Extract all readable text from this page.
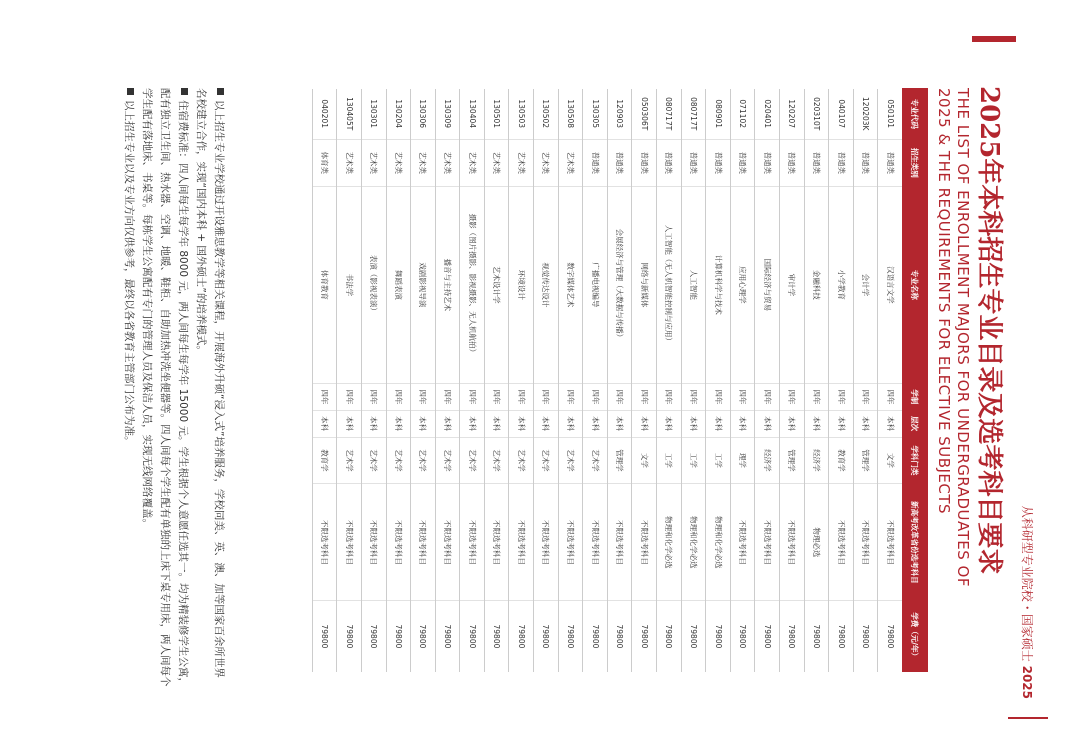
从科研型专业院校・国家硕士 2025
2025年本科招生专业目录及选考科目要求
THE LIST OF ENROLLMENT MAJORS FOR UNDERGRADUATES OF
2025 & THE REQUIREMENTS FOR ELECTIVE SUBJECTS
专业代码	招生类别	专业名称	学制	层次	学科门类	新高考改革省份选考科目	学费（元/年）
050101	普通类	汉语言文学	四年	本科	文学	不限选考科目	79800
120203K	普通类	会计学	四年	本科	管理学	不限选考科目	79800
040107	普通类	小学教育	四年	本科	教育学	不限选考科目	79800
020310T	普通类	金融科技	四年	本科	经济学	物理必选	79800
120207	普通类	审计学	四年	本科	管理学	不限选考科目	79800
020401	普通类	国际经济与贸易	四年	本科	经济学	不限选考科目	79800
071102	普通类	应用心理学	四年	本科	理学	不限选考科目	79800
080901	普通类	计算机科学与技术	四年	本科	工学	物理和化学必选	79800
080717T	普通类	人工智能	四年	本科	工学	物理和化学必选	79800
080717T	普通类	人工智能（无人机智能控制与应用）	四年	本科	工学	物理和化学必选	79800
050306T	普通类	网络与新媒体	四年	本科	文学	不限选考科目	79800
120903	普通类	会展经济与管理（大数据与传播）	四年	本科	管理学	不限选考科目	79800
130305	普通类	广播电视编导	四年	本科	艺术学	不限选考科目	79800
130508	艺术类	数字媒体艺术	四年	本科	艺术学	不限选考科目	79800
130502	艺术类	视觉传达设计	四年	本科	艺术学	不限选考科目	79800
130503	艺术类	环境设计	四年	本科	艺术学	不限选考科目	79800
130501	艺术类	艺术设计学	四年	本科	艺术学	不限选考科目	79800
130404	艺术类	摄影（图片摄影、影视摄影、无人机航拍）	四年	本科	艺术学	不限选考科目	79800
130309	艺术类	播音与主持艺术	四年	本科	艺术学	不限选考科目	79800
130306	艺术类	戏剧影视导演	四年	本科	艺术学	不限选考科目	79800
130204	艺术类	舞蹈表演	四年	本科	艺术学	不限选考科目	79800
130301	艺术类	表演（影视表演）	四年	本科	艺术学	不限选考科目	79800
130405T	艺术类	书法学	四年	本科	艺术学	不限选考科目	79800
040201	体育类	体育教育	四年	本科	教育学	不限选考科目	79800

以上招生专业学校通过开设雅思教学等相关课程，开展海外升硕“浸入式”培养服务，学校同美、英、澳、加等国家百余所世界名校建立合作，实现“国内本科 + 国外硕士”的培养模式。

住宿费标准：四人间每生每学年 8000 元，两人间每生每学年 15000 元。学生根据个人意愿任选其一。均为精装修学生公寓，配有独立卫生间、热水器、空调、地暖、鞋柜、自助加热冲洗坐便器等。四人间每个学生配有单独的上床下桌专用床，两人间每个学生配有落地床、书桌等。每栋学生公寓配有专门的管理人员及保洁人员，实现无线网络覆盖。

以上招生专业以及专业方向仅供参考，最终以各省教育主管部门公布为准。
